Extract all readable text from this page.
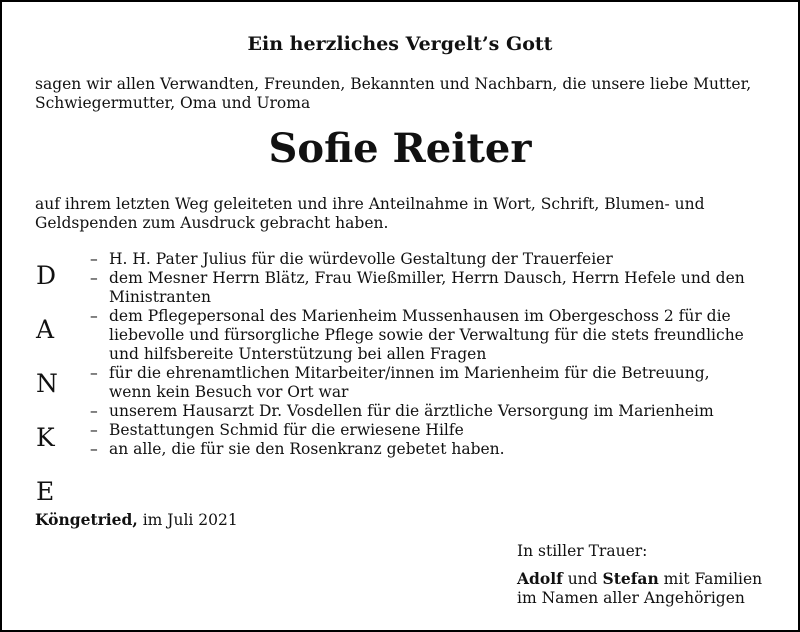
Ein herzliches Vergelt’s Gott
sagen wir allen Verwandten, Freunden, Bekannten und Nachbarn, die unsere liebe Mutter,
Schwiegermutter, Oma und Uroma
Sofie Reiter
auf ihrem letzten Weg geleiteten und ihre Anteilnahme in Wort, Schrift, Blumen- und
Geldspenden zum Ausdruck gebracht haben.
D
A
N
K
E
– H. H. Pater Julius für die würdevolle Gestaltung der Trauerfeier
– dem Mesner Herrn Blätz, Frau Wießmiller, Herrn Dausch, Herrn Hefele und den
Ministranten
– dem Pflegepersonal des Marienheim Mussenhausen im Obergeschoss 2 für die
liebevolle und fürsorgliche Pflege sowie der Verwaltung für die stets freundliche
und hilfsbereite Unterstützung bei allen Fragen
– für die ehrenamtlichen Mitarbeiter/innen im Marienheim für die Betreuung,
wenn kein Besuch vor Ort war
– unserem Hausarzt Dr. Vosdellen für die ärztliche Versorgung im Marienheim
– Bestattungen Schmid für die erwiesene Hilfe
– an alle, die für sie den Rosenkranz gebetet haben.
Köngetried, im Juli 2021
In stiller Trauer:
Adolf und Stefan mit Familien
im Namen aller Angehörigen
